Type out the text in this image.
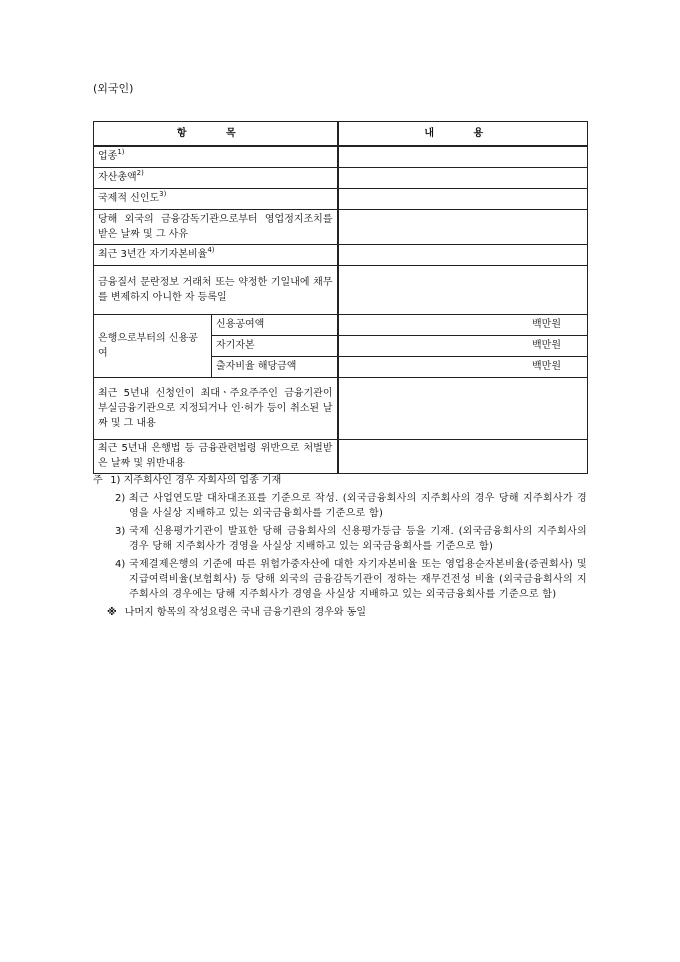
(외국인)
항 목		내 용
업종$^{1)}$	
자산총액$^{2)}$	
국제적 신인도$^{3)}$	
당해 외국의 금융감독기관으로부터 영업정지조치를 받은 날짜 및 그 사유		
최근 3년간 자기자본비율$^{4)}$	
금융질서 문란정보 거래처 또는 약정한 기일내에 채무를 변제하지 아니한 자 등록일		
은행으로부터의 신용공여	신용공여액	백만원
	자기자본	백만원
	출자비율 해당금액	백만원
최근 5년내 신청인이 최대ㆍ주요주주인 금융기관이 부실금융기관으로 지정되거나 인·허가 등이 취소된 날짜 및 그 내용		
최근 5년내 은행법 등 금융관련법령 위반으로 처벌받은 날짜 및 위반내용		
주 1) 지주회사인 경우 자회사의 업종 기재
2) 최근 사업연도말 대차대조표를 기준으로 작성. (외국금융회사의 지주회사의 경우 당해 지주회사가 경영을 사실상 지배하고 있는 외국금융회사를 기준으로 함)
3) 국제 신용평가기관이 발표한 당해 금융회사의 신용평가등급 등을 기재. (외국금융회사의 지주회사의 경우 당해 지주회사가 경영을 사실상 지배하고 있는 외국금융회사를 기준으로 함)
4) 국제결제은행의 기준에 따른 위험가중자산에 대한 자기자본비율 또는 영업용순자본비율(증권회사) 및 지급여력비율(보험회사) 등 당해 외국의 금융감독기관이 정하는 재무건전성 비율 (외국금융회사의 지주회사의 경우에는 당해 지주회사가 경영을 사실상 지배하고 있는 외국금융회사를 기준으로 함)
※ 나머지 항목의 작성요령은 국내 금융기관의 경우와 동일
